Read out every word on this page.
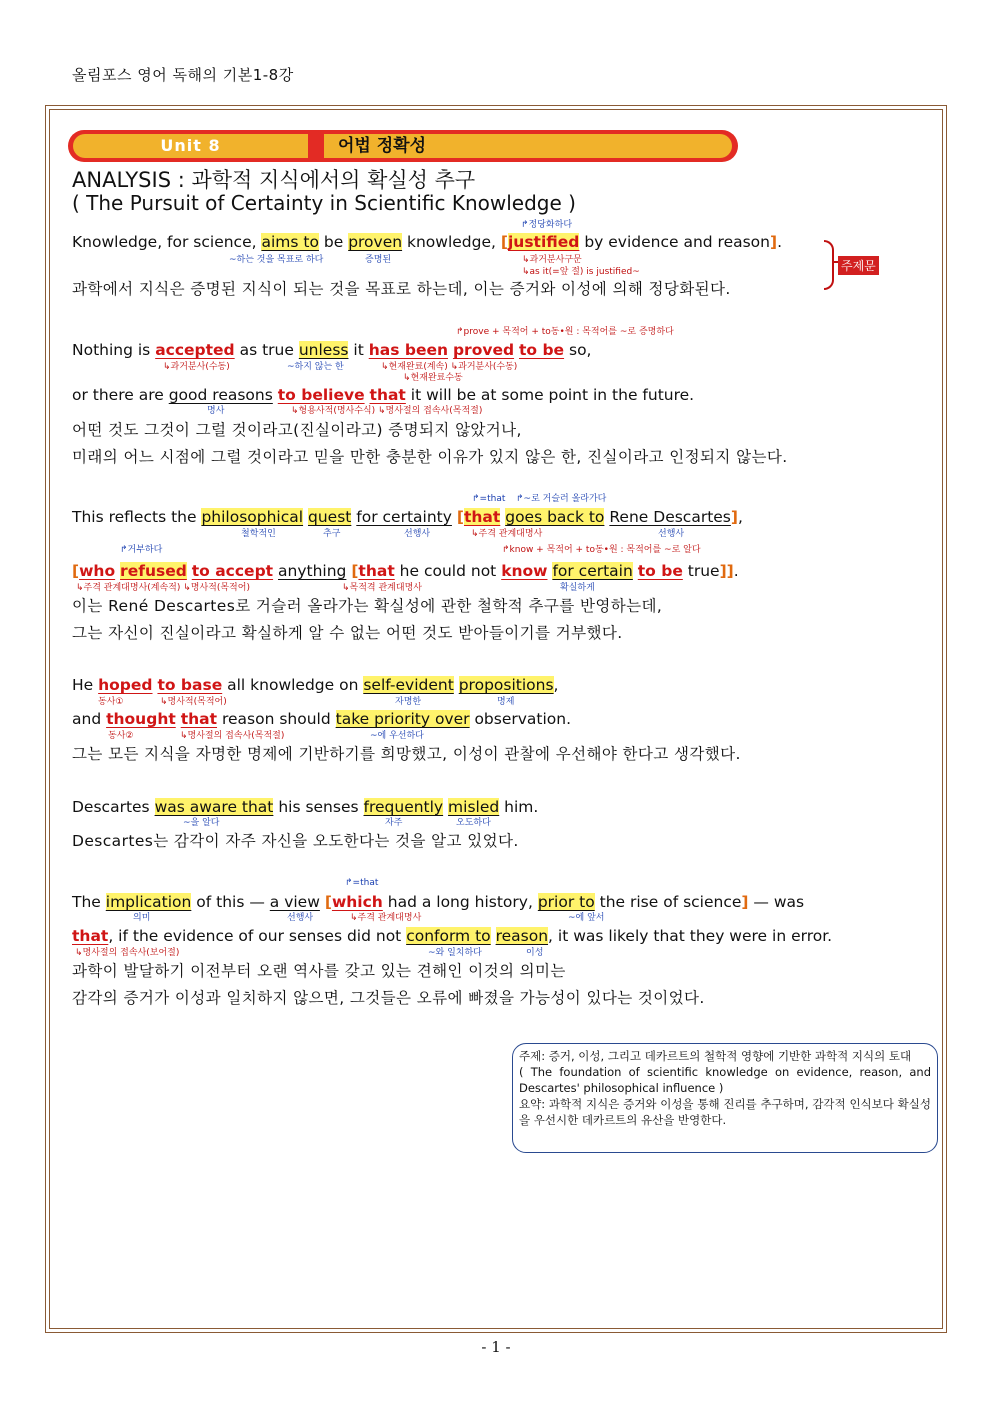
올림포스 영어 독해의 기본1-8강
Unit 8	어법 정확성
ANALYSIS : 과학적 지식에서의 확실성 추구
( The Pursuit of Certainty in Scientific Knowledge )
↱정당화하다
Knowledge, for science, aims to be proven knowledge, [justified by evidence and reason].
~하는 것을 목표로 하다	증명된	↳과거분사구문
↳as it(=앞 절) is justified~
과학에서 지식은 증명된 지식이 되는 것을 목표로 하는데, 이는 증거와 이성에 의해 정당화된다.
주제문
↱prove + 목적어 + to동•원 : 목적어를 ~로 증명하다
Nothing is accepted as true unless it has been proved to be so,
↳과거분사(수동)	~하지 않는 한	↳현재완료(계속) ↳과거분사(수동)
↳현재완료수동
or there are good reasons to believe that it will be at some point in the future.
명사	↳형용사적(명사수식) ↳명사절의 접속사(목적절)
어떤 것도 그것이 그럴 것이라고(진실이라고) 증명되지 않았거나,
미래의 어느 시점에 그럴 것이라고 믿을 만한 충분한 이유가 있지 않은 한, 진실이라고 인정되지 않는다.
↱=that ↱~로 거슬러 올라가다
This reflects the philosophical quest for certainty [that goes back to Rene Descartes],
철학적인	추구	선행사	↳주격 관계대명사	선행사
↱거부하다	↱know + 목적어 + to동•원 : 목적어를 ~로 알다
[who refused to accept anything [that he could not know for certain to be true]].
↳주격 관계대명사(계속적) ↳명사적(목적어)	↳목적격 관계대명사	확실하게
이는 René Descartes로 거슬러 올라가는 확실성에 관한 철학적 추구를 반영하는데,
그는 자신이 진실이라고 확실하게 알 수 없는 어떤 것도 받아들이기를 거부했다.
He hoped to base all knowledge on self-evident propositions,
동사①	↳명사적(목적어)	자명한	명제
and thought that reason should take priority over observation.
동사②	↳명사절의 접속사(목적절)	~에 우선하다
그는 모든 지식을 자명한 명제에 기반하기를 희망했고, 이성이 관찰에 우선해야 한다고 생각했다.
Descartes was aware that his senses frequently misled him.
~을 알다	자주	오도하다
Descartes는 감각이 자주 자신을 오도한다는 것을 알고 있었다.
↱=that
The implication of this — a view [which had a long history, prior to the rise of science] — was
의미	선행사	↳주격 관계대명사	~에 앞서
that, if the evidence of our senses did not conform to reason, it was likely that they were in error.
↳명사절의 접속사(보어절)	~와 일치하다	이성
과학이 발달하기 이전부터 오랜 역사를 갖고 있는 견해인 이것의 의미는
감각의 증거가 이성과 일치하지 않으면, 그것들은 오류에 빠졌을 가능성이 있다는 것이었다.

주제: 증거, 이성, 그리고 데카르트의 철학적 영향에 기반한 과학적 지식의 토대

( The foundation of scientific knowledge on evidence, reason, and Descartes' philosophical influence )

요약: 과학적 지식은 증거와 이성을 통해 진리를 추구하며, 감각적 인식보다 확실성을 우선시한 데카르트의 유산을 반영한다.

- 1 -
